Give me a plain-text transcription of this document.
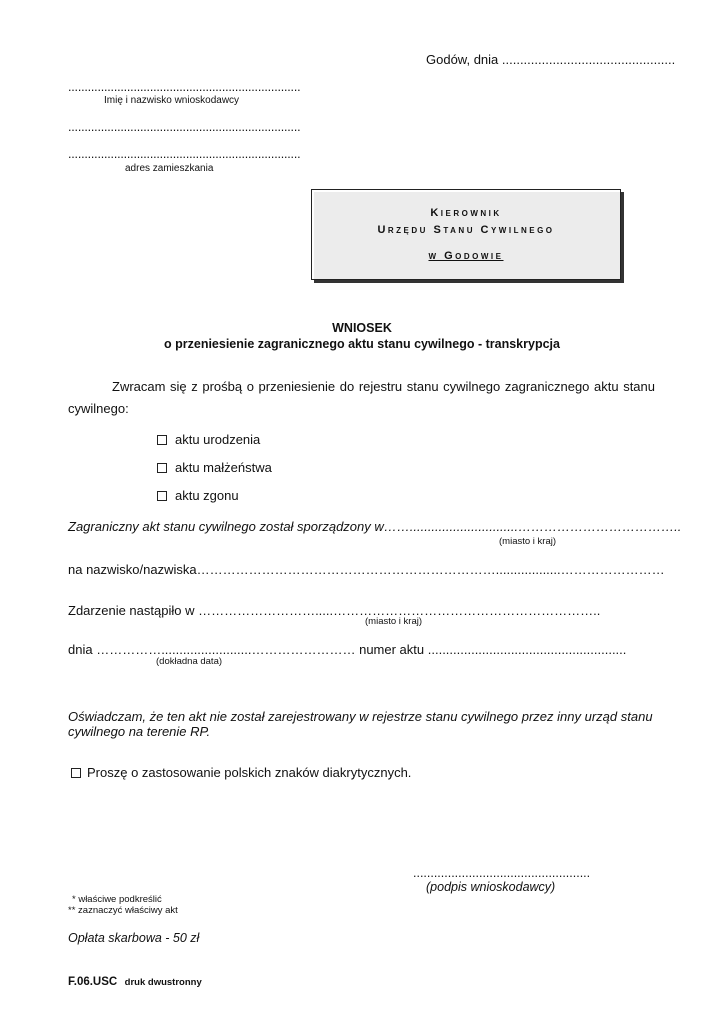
Godów, dnia ................................................
.......................................................................
Imię i nazwisko wnioskodawcy
.......................................................................
.......................................................................
adres zamieszkania
Kierownik
Urzędu Stanu Cywilnego
w Godowie
WNIOSEK
o przeniesienie zagranicznego aktu stanu cywilnego - transkrypcja
Zwracam się z prośbą o przeniesienie do rejestru stanu cywilnego zagranicznego aktu stanu
cywilnego:
aktu urodzenia
aktu małżeństwa
aktu zgonu
Zagraniczny akt stanu cywilnego został sporządzony w……..............................………………………………..
(miasto i kraj)
na nazwisko/nazwiska……………………………………………………………..................……………………
Zdarzenie nastąpiło w ……………………….....……………………………………………………..
(miasto i kraj)
dnia …………….........................…………………… numer aktu .......................................................
(dokładna data)
Oświadczam, że ten akt nie został zarejestrowany w rejestrze stanu cywilnego przez inny urząd stanu
cywilnego na terenie RP.
Proszę o zastosowanie polskich znaków diakrytycznych.
...................................................
(podpis wnioskodawcy)
* właściwe podkreślić
** zaznaczyć właściwy akt
Opłata skarbowa - 50 zł
F.06.USC druk dwustronny
